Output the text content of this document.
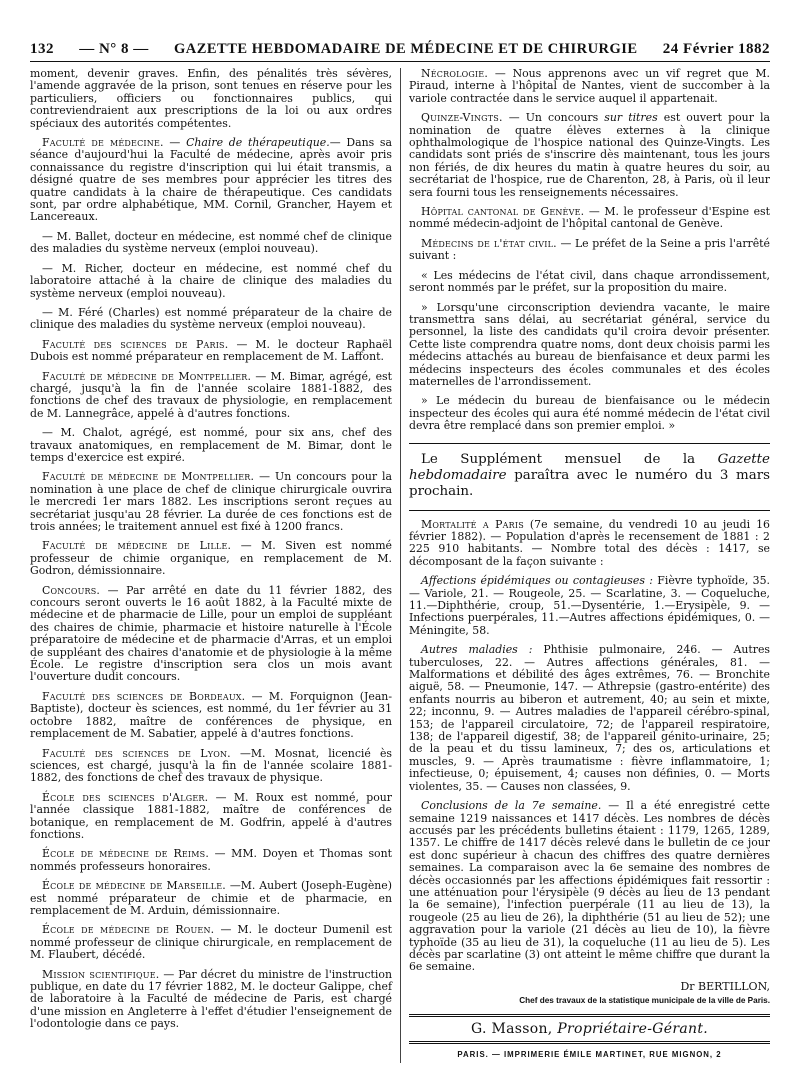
132 — N° 8 — GAZETTE HEBDOMADAIRE DE MÉDECINE ET DE CHIRURGIE 24 Février 1882

moment, devenir graves. Enfin, des pénalités très sévères, l'amende aggravée de la prison, sont tenues en réserve pour les particuliers, officiers ou fonctionnaires publics, qui contreviendraient aux prescriptions de la loi ou aux ordres spéciaux des autorités compétentes.

Faculté de médecine. — Chaire de thérapeutique.— Dans sa séance d'aujourd'hui la Faculté de médecine, après avoir pris connaissance du registre d'inscription qui lui était transmis, a désigné quatre de ses membres pour apprécier les titres des quatre candidats à la chaire de thérapeutique. Ces candidats sont, par ordre alphabétique, MM. Cornil, Grancher, Hayem et Lancereaux.

— M. Ballet, docteur en médecine, est nommé chef de clinique des maladies du système nerveux (emploi nouveau).

— M. Richer, docteur en médecine, est nommé chef du laboratoire attaché à la chaire de clinique des maladies du système nerveux (emploi nouveau).

— M. Féré (Charles) est nommé préparateur de la chaire de clinique des maladies du système nerveux (emploi nouveau).

Faculté des sciences de Paris. — M. le docteur Raphaël Dubois est nommé préparateur en remplacement de M. Laffont.

Faculté de médecine de Montpellier. — M. Bimar, agrégé, est chargé, jusqu'à la fin de l'année scolaire 1881-1882, des fonctions de chef des travaux de physiologie, en remplacement de M. Lannegrâce, appelé à d'autres fonctions.

— M. Chalot, agrégé, est nommé, pour six ans, chef des travaux anatomiques, en remplacement de M. Bimar, dont le temps d'exercice est expiré.

Faculté de médecine de Montpellier. — Un concours pour la nomination à une place de chef de clinique chirurgicale ouvrira le mercredi 1er mars 1882. Les inscriptions seront reçues au secrétariat jusqu'au 28 février. La durée de ces fonctions est de trois années; le traitement annuel est fixé à 1200 francs.

Faculté de médecine de Lille. — M. Siven est nommé professeur de chimie organique, en remplacement de M. Godron, démissionnaire.

Concours. — Par arrêté en date du 11 février 1882, des concours seront ouverts le 16 août 1882, à la Faculté mixte de médecine et de pharmacie de Lille, pour un emploi de suppléant des chaires de chimie, pharmacie et histoire naturelle à l'École préparatoire de médecine et de pharmacie d'Arras, et un emploi de suppléant des chaires d'anatomie et de physiologie à la même École. Le registre d'inscription sera clos un mois avant l'ouverture dudit concours.

Faculté des sciences de Bordeaux. — M. Forquignon (Jean-Baptiste), docteur ès sciences, est nommé, du 1er février au 31 octobre 1882, maître de conférences de physique, en remplacement de M. Sabatier, appelé à d'autres fonctions.

Faculté des sciences de Lyon. —M. Mosnat, licencié ès sciences, est chargé, jusqu'à la fin de l'année scolaire 1881-1882, des fonctions de chef des travaux de physique.

École des sciences d'Alger. — M. Roux est nommé, pour l'année classique 1881-1882, maître de conférences de botanique, en remplacement de M. Godfrin, appelé à d'autres fonctions.

École de médecine de Reims. — MM. Doyen et Thomas sont nommés professeurs honoraires.

École de médecine de Marseille. —M. Aubert (Joseph-Eugène) est nommé préparateur de chimie et de pharmacie, en remplacement de M. Arduin, démissionnaire.

École de médecine de Rouen. — M. le docteur Dumenil est nommé professeur de clinique chirurgicale, en remplacement de M. Flaubert, décédé.

Mission scientifique. — Par décret du ministre de l'instruction publique, en date du 17 février 1882, M. le docteur Galippe, chef de laboratoire à la Faculté de médecine de Paris, est chargé d'une mission en Angleterre à l'effet d'étudier l'enseignement de l'odontologie dans ce pays.

Nécrologie. — Nous apprenons avec un vif regret que M. Piraud, interne à l'hôpital de Nantes, vient de succomber à la variole contractée dans le service auquel il appartenait.

Quinze-Vingts. — Un concours sur titres est ouvert pour la nomination de quatre élèves externes à la clinique ophthalmologique de l'hospice national des Quinze-Vingts. Les candidats sont priés de s'inscrire dès maintenant, tous les jours non fériés, de dix heures du matin à quatre heures du soir, au secrétariat de l'hospice, rue de Charenton, 28, à Paris, où il leur sera fourni tous les renseignements nécessaires.

Hôpital cantonal de Genève. — M. le professeur d'Espine est nommé médecin-adjoint de l'hôpital cantonal de Genève.

Médecins de l'état civil. — Le préfet de la Seine a pris l'arrêté suivant :

« Les médecins de l'état civil, dans chaque arrondissement, seront nommés par le préfet, sur la proposition du maire.

» Lorsqu'une circonscription deviendra vacante, le maire transmettra sans délai, au secrétariat général, service du personnel, la liste des candidats qu'il croira devoir présenter. Cette liste comprendra quatre noms, dont deux choisis parmi les médecins attachés au bureau de bienfaisance et deux parmi les médecins inspecteurs des écoles communales et des écoles maternelles de l'arrondissement.

» Le médecin du bureau de bienfaisance ou le médecin inspecteur des écoles qui aura été nommé médecin de l'état civil devra être remplacé dans son premier emploi. »

Le Supplément mensuel de la Gazette hebdomadaire paraîtra avec le numéro du 3 mars prochain.

Mortalité a Paris (7e semaine, du vendredi 10 au jeudi 16 février 1882). — Population d'après le recensement de 1881 : 2 225 910 habitants. — Nombre total des décès : 1417, se décomposant de la façon suivante :

Affections épidémiques ou contagieuses : Fièvre typhoïde, 35. — Variole, 21. — Rougeole, 25. — Scarlatine, 3. — Coqueluche, 11.—Diphthérie, croup, 51.—Dysentérie, 1.—Erysipèle, 9. — Infections puerpérales, 11.—Autres affections épidémiques, 0. — Méningite, 58.

Autres maladies : Phthisie pulmonaire, 246. — Autres tuberculoses, 22. — Autres affections générales, 81. — Malformations et débilité des âges extrêmes, 76. — Bronchite aiguë, 58. — Pneumonie, 147. — Athrepsie (gastro-entérite) des enfants nourris au biberon et autrement, 40; au sein et mixte, 22; inconnu, 9. — Autres maladies de l'appareil cérébro-spinal, 153; de l'appareil circulatoire, 72; de l'appareil respiratoire, 138; de l'appareil digestif, 38; de l'appareil génito-urinaire, 25; de la peau et du tissu lamineux, 7; des os, articulations et muscles, 9. — Après traumatisme : fièvre inflammatoire, 1; infectieuse, 0; épuisement, 4; causes non définies, 0. — Morts violentes, 35. — Causes non classées, 9.

Conclusions de la 7e semaine. — Il a été enregistré cette semaine 1219 naissances et 1417 décès. Les nombres de décès accusés par les précédents bulletins étaient : 1179, 1265, 1289, 1357. Le chiffre de 1417 décès relevé dans le bulletin de ce jour est donc supérieur à chacun des chiffres des quatre dernières semaines. La comparaison avec la 6e semaine des nombres de décès occasionnés par les affections épidémiques fait ressortir : une atténuation pour l'érysipèle (9 décès au lieu de 13 pendant la 6e semaine), l'infection puerpérale (11 au lieu de 13), la rougeole (25 au lieu de 26), la diphthérie (51 au lieu de 52); une aggravation pour la variole (21 décès au lieu de 10), la fièvre typhoïde (35 au lieu de 31), la coqueluche (11 au lieu de 5). Les décès par scarlatine (3) ont atteint le même chiffre que durant la 6e semaine.

Dr BERTILLON,
Chef des travaux de la statistique municipale de la ville de Paris.
G. Masson, Propriétaire-Gérant.
PARIS. — IMPRIMERIE ÉMILE MARTINET, RUE MIGNON, 2
